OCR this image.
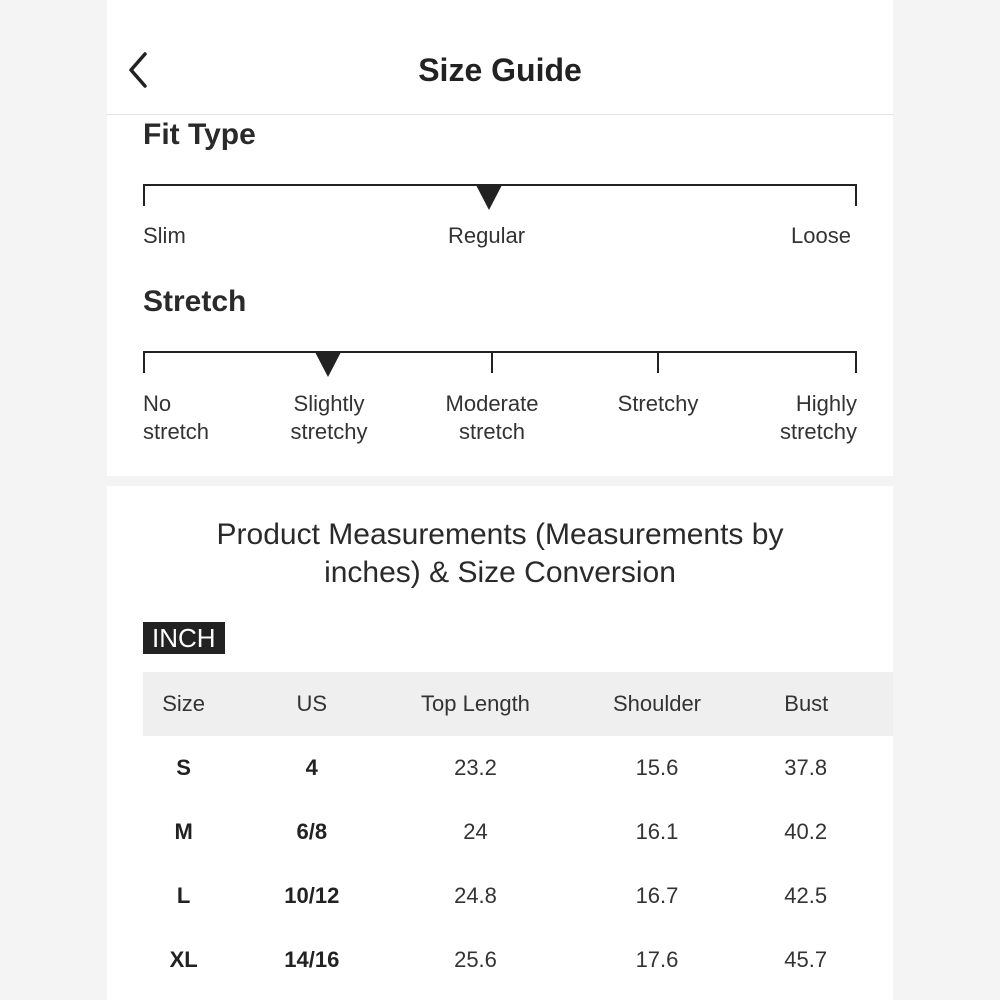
Size Guide
Fit Type
Slim	Regular	Loose
Stretch
No
stretch
Slightly
stretchy
Moderate
stretch
Stretchy	Highly
stretchy
Product Measurements (Measurements by
inches) & Size Conversion
INCH
Size	US	Top Length	Shoulder	Bust
S	4	23.2	15.6	37.8
M	6/8	24	16.1	40.2
L	10/12	24.8	16.7	42.5
XL	14/16	25.6	17.6	45.7
